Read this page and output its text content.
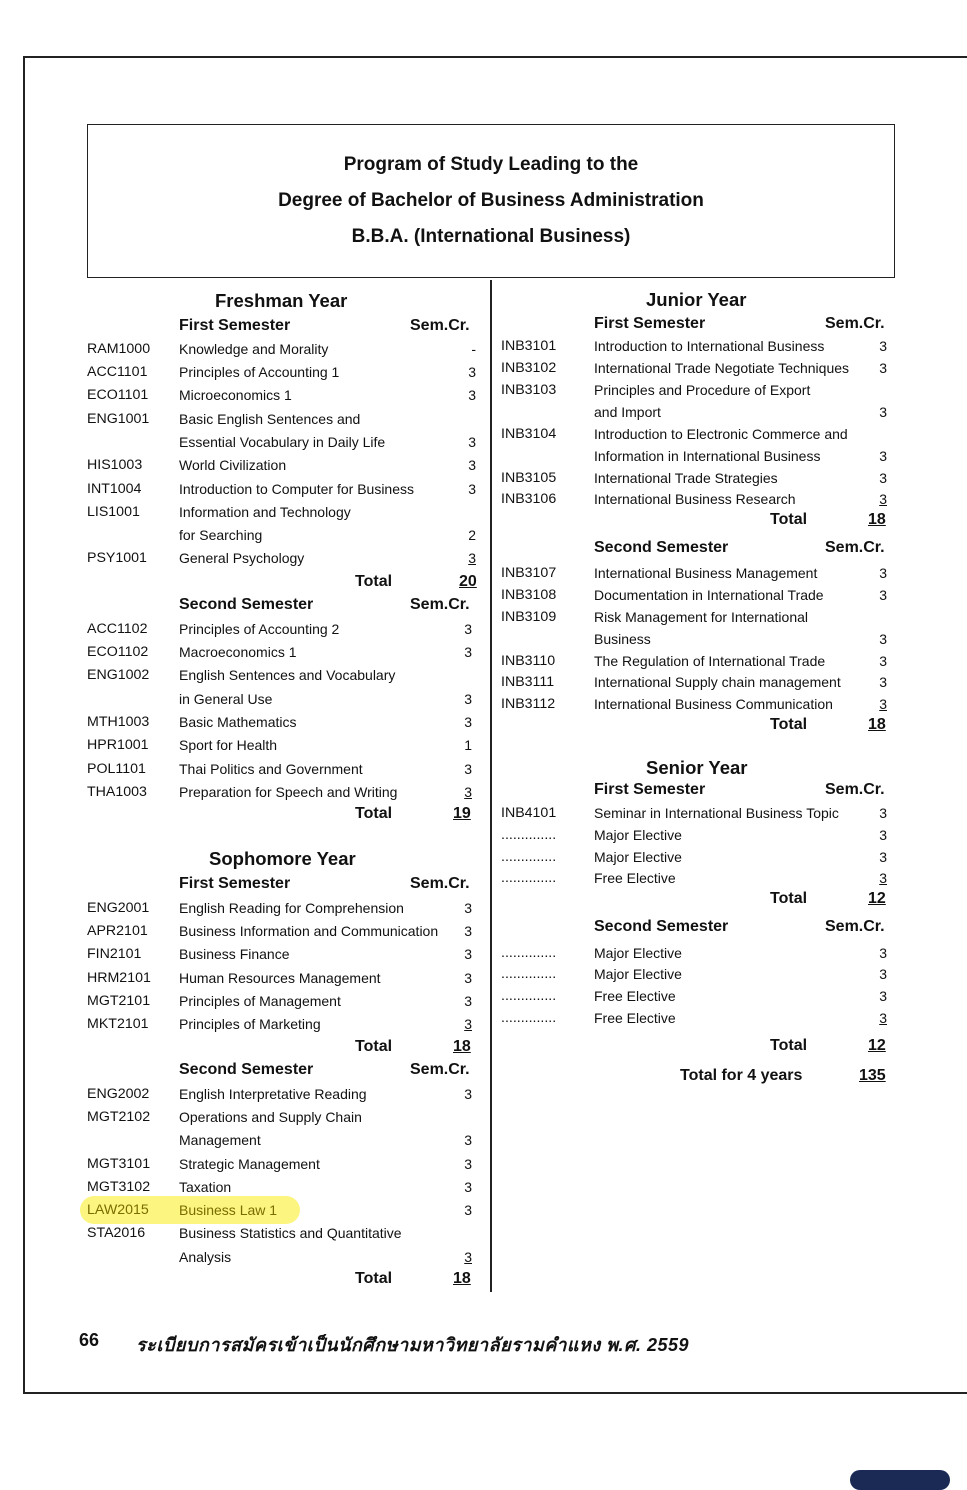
Program of Study Leading to the
Degree of Bachelor of Business Administration
B.B.A. (International Business)
Freshman Year
Sophomore Year
Junior Year
Senior Year
First Semester	Sem.Cr.
RAM1000 Knowledge and Morality	-
ACC1101 Principles of Accounting 1	3
ECO1101 Microeconomics 1	3
ENG1001 Basic English Sentences and
Essential Vocabulary in Daily Life	3
HIS1003	World Civilization	3
INT1004	Introduction to Computer for Business	3
LIS1001	Information and Technology
for Searching	2
PSY1001 General Psychology	3
Total	20
Second Semester	Sem.Cr.
ACC1102 Principles of Accounting 2	3
ECO1102 Macroeconomics 1	3
ENG1002 English Sentences and Vocabulary
in General Use	3
MTH1003 Basic Mathematics	3
HPR1001 Sport for Health	1
POL1101 Thai Politics and Government	3
THA1003 Preparation for Speech and Writing	3
Total	19
First Semester	Sem.Cr.
ENG2001 English Reading for Comprehension	3
APR2101 Business Information and Communication	3
FIN2101	Business Finance	3
HRM2101 Human Resources Management	3
MGT2101 Principles of Management	3
MKT2101 Principles of Marketing	3
Total	18
Second Semester	Sem.Cr.
ENG2002 English Interpretative Reading	3
MGT2102 Operations and Supply Chain
Management	3
MGT3101 Strategic Management	3
MGT3102 Taxation	3
LAW2015 Business Law 1	3
STA2016 Business Statistics and Quantitative
Analysis	3
Total	18
First Semester	Sem.Cr.
INB3101	Introduction to International Business	3
INB3102	International Trade Negotiate Techniques	3
INB3103	Principles and Procedure of Export
and Import	3
INB3104	Introduction to Electronic Commerce and
Information in International Business	3
INB3105	International Trade Strategies	3
INB3106	International Business Research	3
Total	18
Second Semester	Sem.Cr.
INB3107	International Business Management	3
INB3108	Documentation in International Trade	3
INB3109	Risk Management for International
Business	3
INB3110	The Regulation of International Trade	3
INB3111	International Supply chain management	3
INB3112	International Business Communication	3
Total	18
First Semester	Sem.Cr.
INB4101	Seminar in International Business Topic	3
..............	Major Elective	3
..............	Major Elective	3
..............	Free Elective	3
Total	12
Second Semester	Sem.Cr.
..............	Major Elective	3
..............	Major Elective	3
..............	Free Elective	3
..............	Free Elective	3
Total	12
Total for 4 years	135
66 ระเบียบการสมัครเข้าเป็นนักศึกษามหาวิทยาลัยรามคำแหง พ.ศ. 2559
